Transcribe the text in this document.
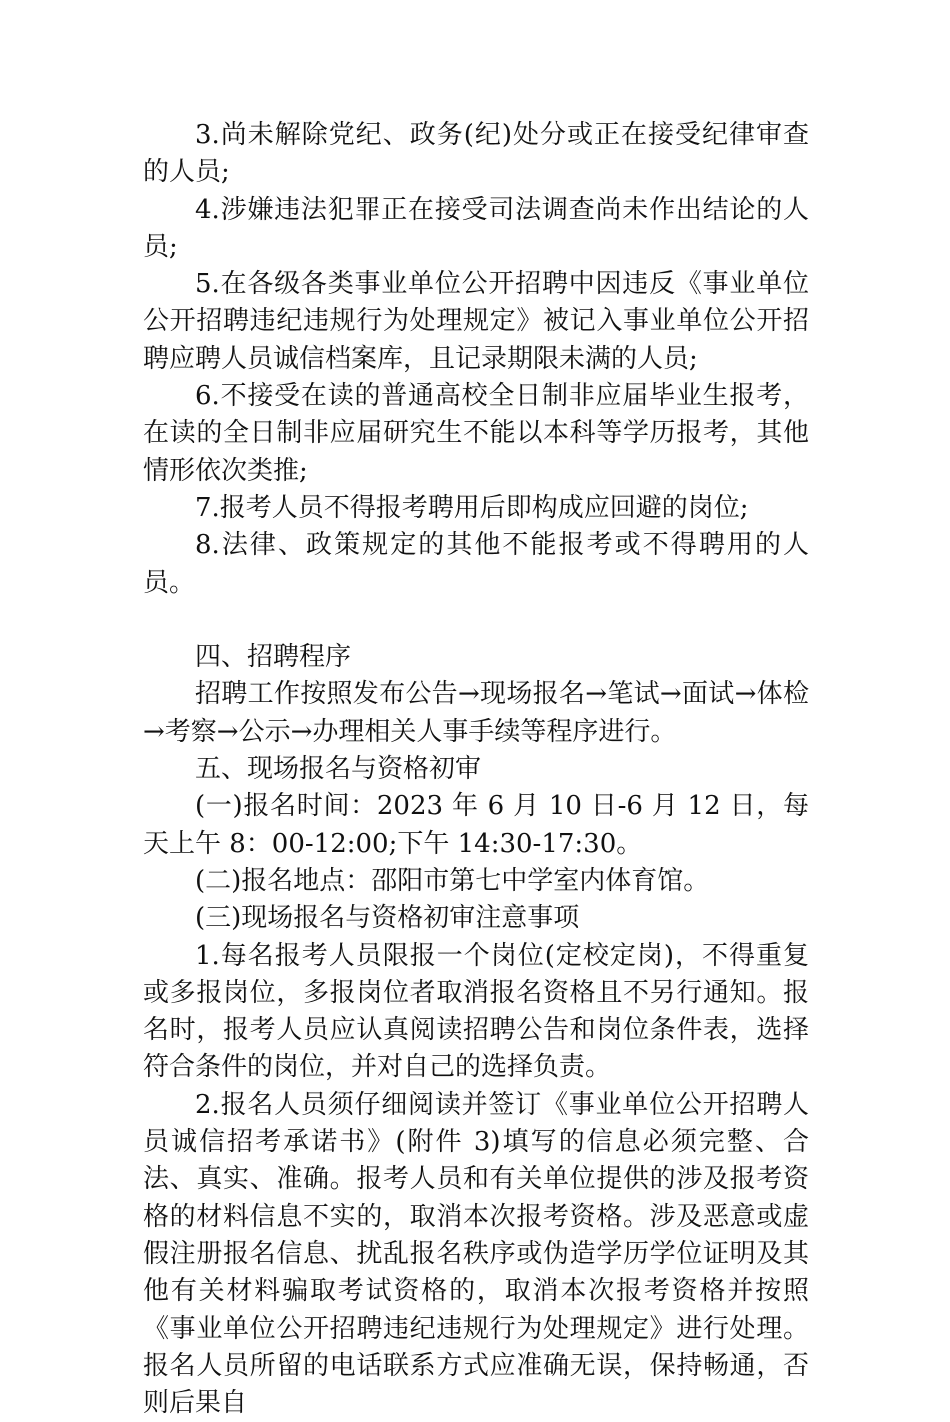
3.尚未解除党纪、政务(纪)处分或正在接受纪律审查的人员;

4.涉嫌违法犯罪正在接受司法调查尚未作出结论的人员;

5.在各级各类事业单位公开招聘中因违反《事业单位公开招聘违纪违规行为处理规定》被记入事业单位公开招聘应聘人员诚信档案库，且记录期限未满的人员;

6.不接受在读的普通高校全日制非应届毕业生报考，在读的全日制非应届研究生不能以本科等学历报考，其他情形依次类推;

7.报考人员不得报考聘用后即构成应回避的岗位;

8.法律、政策规定的其他不能报考或不得聘用的人员。

四、招聘程序

招聘工作按照发布公告→现场报名→笔试→面试→体检→考察→公示→办理相关人事手续等程序进行。

五、现场报名与资格初审

(一)报名时间：2023 年 6 月 10 日-6 月 12 日，每天上午 8：00-12:00;下午 14:30-17:30。

(二)报名地点：邵阳市第七中学室内体育馆。

(三)现场报名与资格初审注意事项

1.每名报考人员限报一个岗位(定校定岗)，不得重复或多报岗位，多报岗位者取消报名资格且不另行通知。报名时，报考人员应认真阅读招聘公告和岗位条件表，选择符合条件的岗位，并对自己的选择负责。

2.报名人员须仔细阅读并签订《事业单位公开招聘人员诚信招考承诺书》(附件 3)填写的信息必须完整、合法、真实、准确。报考人员和有关单位提供的涉及报考资格的材料信息不实的，取消本次报考资格。涉及恶意或虚假注册报名信息、扰乱报名秩序或伪造学历学位证明及其他有关材料骗取考试资格的，取消本次报考资格并按照《事业单位公开招聘违纪违规行为处理规定》进行处理。报名人员所留的电话联系方式应准确无误，保持畅通，否则后果自
